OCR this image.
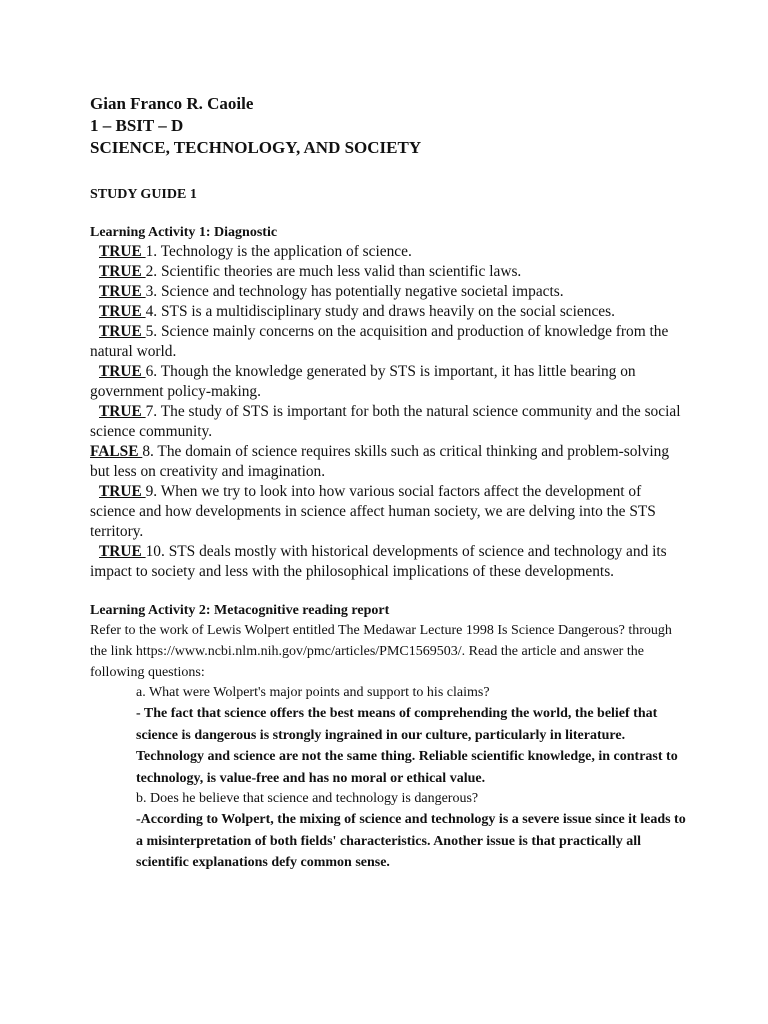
Gian Franco R. Caoile
1 – BSIT – D
SCIENCE, TECHNOLOGY, AND SOCIETY
STUDY GUIDE 1
Learning Activity 1: Diagnostic
TRUE 1. Technology is the application of science.
TRUE 2. Scientific theories are much less valid than scientific laws.
TRUE 3. Science and technology has potentially negative societal impacts.
TRUE 4. STS is a multidisciplinary study and draws heavily on the social sciences.
TRUE 5. Science mainly concerns on the acquisition and production of knowledge from the natural world.
TRUE 6. Though the knowledge generated by STS is important, it has little bearing on government policy-making.
TRUE 7. The study of STS is important for both the natural science community and the social science community.
FALSE 8. The domain of science requires skills such as critical thinking and problem-solving but less on creativity and imagination.
TRUE 9. When we try to look into how various social factors affect the development of science and how developments in science affect human society, we are delving into the STS territory.
TRUE 10. STS deals mostly with historical developments of science and technology and its impact to society and less with the philosophical implications of these developments.
Learning Activity 2: Metacognitive reading report
Refer to the work of Lewis Wolpert entitled The Medawar Lecture 1998 Is Science Dangerous? through the link https://www.ncbi.nlm.nih.gov/pmc/articles/PMC1569503/. Read the article and answer the following questions:
a. What were Wolpert's major points and support to his claims?
- The fact that science offers the best means of comprehending the world, the belief that science is dangerous is strongly ingrained in our culture, particularly in literature. Technology and science are not the same thing. Reliable scientific knowledge, in contrast to technology, is value-free and has no moral or ethical value.
b. Does he believe that science and technology is dangerous?
-According to Wolpert, the mixing of science and technology is a severe issue since it leads to a misinterpretation of both fields' characteristics. Another issue is that practically all scientific explanations defy common sense.
